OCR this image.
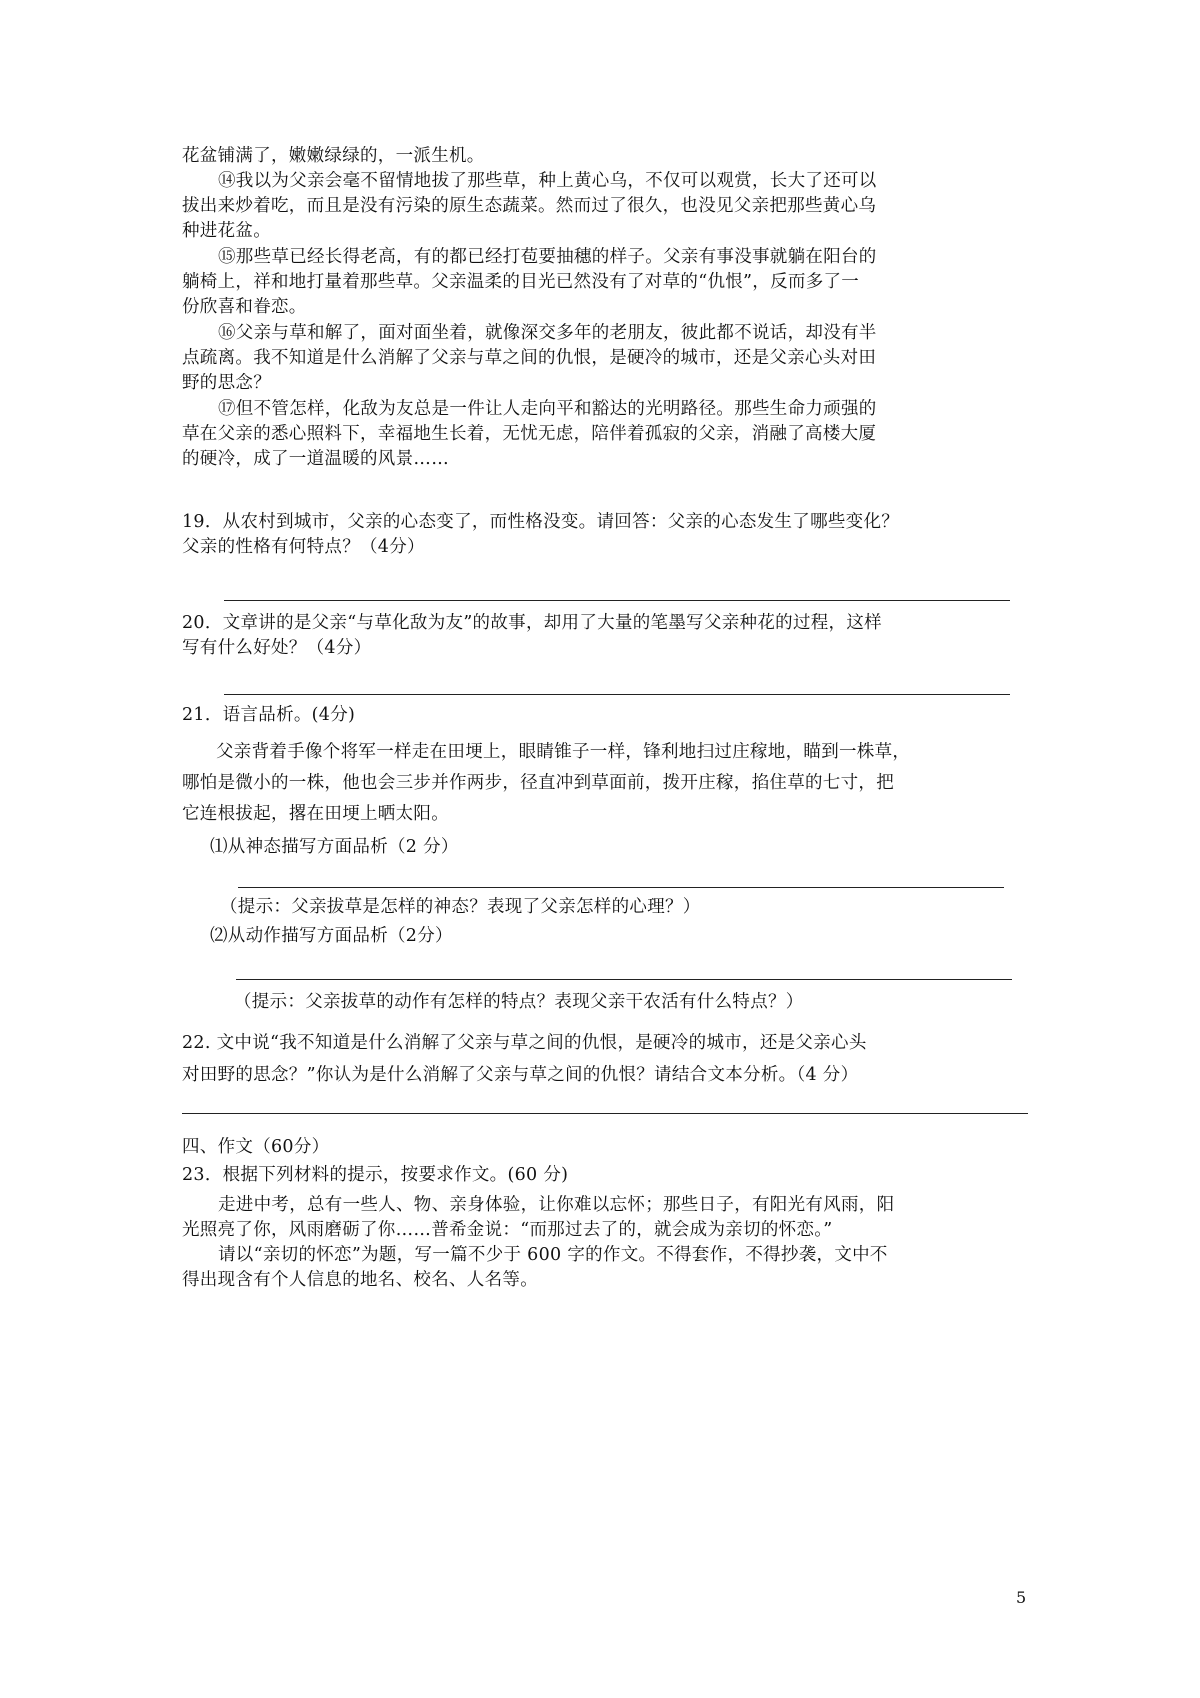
花盆铺满了，嫩嫩绿绿的，一派生机。
⑭我以为父亲会毫不留情地拔了那些草，种上黄心乌，不仅可以观赏，长大了还可以
拔出来炒着吃，而且是没有污染的原生态蔬菜。然而过了很久，也没见父亲把那些黄心乌
种进花盆。
⑮那些草已经长得老高，有的都已经打苞要抽穗的样子。父亲有事没事就躺在阳台的
躺椅上，祥和地打量着那些草。父亲温柔的目光已然没有了对草的“仇恨”，反而多了一
份欣喜和眷恋。
⑯父亲与草和解了，面对面坐着，就像深交多年的老朋友，彼此都不说话，却没有半
点疏离。我不知道是什么消解了父亲与草之间的仇恨，是硬冷的城市，还是父亲心头对田
野的思念？
⑰但不管怎样，化敌为友总是一件让人走向平和豁达的光明路径。那些生命力顽强的
草在父亲的悉心照料下，幸福地生长着，无忧无虑，陪伴着孤寂的父亲，消融了高楼大厦
的硬冷，成了一道温暖的风景……
19．从农村到城市，父亲的心态变了，而性格没变。请回答：父亲的心态发生了哪些变化？
父亲的性格有何特点？（4分）
20．文章讲的是父亲“与草化敌为友”的故事，却用了大量的笔墨写父亲种花的过程，这样
写有什么好处？（4分）
21．语言品析。(4分)
父亲背着手像个将军一样走在田埂上，眼睛锥子一样，锋利地扫过庄稼地，瞄到一株草，
哪怕是微小的一株，他也会三步并作两步，径直冲到草面前，拨开庄稼，掐住草的七寸，把
它连根拔起，撂在田埂上晒太阳。
⑴从神态描写方面品析（2 分）
（提示：父亲拔草是怎样的神态？表现了父亲怎样的心理？）
⑵从动作描写方面品析（2分）
（提示：父亲拔草的动作有怎样的特点？表现父亲干农活有什么特点？）
22. 文中说“我不知道是什么消解了父亲与草之间的仇恨，是硬冷的城市，还是父亲心头
对田野的思念？”你认为是什么消解了父亲与草之间的仇恨？请结合文本分析。（4 分）
四、作文（60分）
23．根据下列材料的提示，按要求作文。(60 分)
走进中考，总有一些人、物、亲身体验，让你难以忘怀；那些日子，有阳光有风雨，阳
光照亮了你，风雨磨砺了你……普希金说：“而那过去了的，就会成为亲切的怀恋。”
请以“亲切的怀恋”为题，写一篇不少于 600 字的作文。不得套作，不得抄袭，文中不
得出现含有个人信息的地名、校名、人名等。
5
